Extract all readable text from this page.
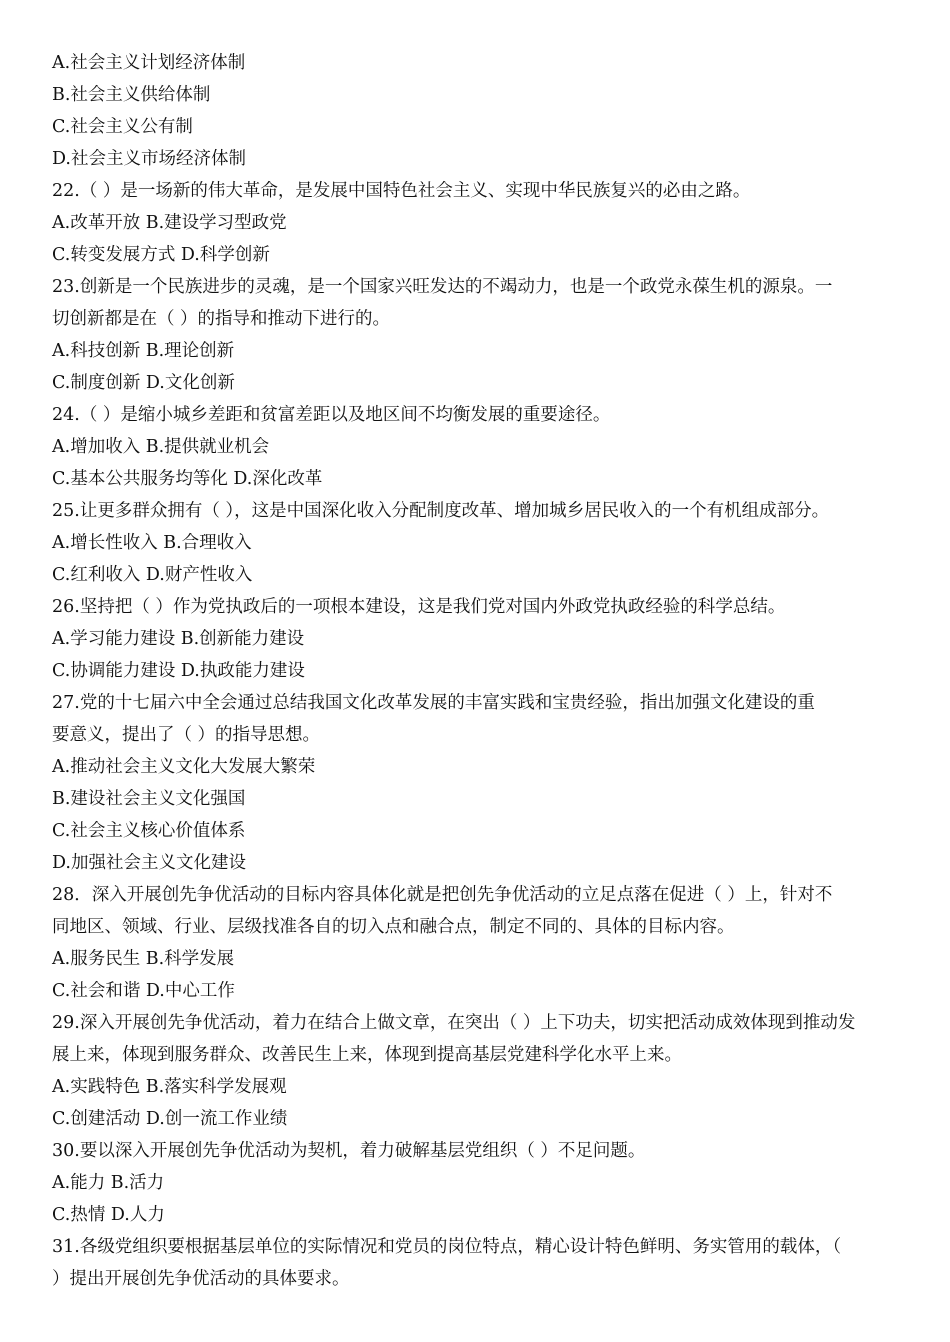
A.社会主义计划经济体制
B.社会主义供给体制
C.社会主义公有制
D.社会主义市场经济体制
22.（ ）是一场新的伟大革命，是发展中国特色社会主义、实现中华民族复兴的必由之路。
A.改革开放 B.建设学习型政党
C.转变发展方式 D.科学创新
23.创新是一个民族进步的灵魂，是一个国家兴旺发达的不竭动力，也是一个政党永葆生机的源泉。一
切创新都是在（ ）的指导和推动下进行的。
A.科技创新 B.理论创新
C.制度创新 D.文化创新
24.（ ）是缩小城乡差距和贫富差距以及地区间不均衡发展的重要途径。
A.增加收入 B.提供就业机会
C.基本公共服务均等化 D.深化改革
25.让更多群众拥有（ ），这是中国深化收入分配制度改革、增加城乡居民收入的一个有机组成部分。
A.增长性收入 B.合理收入
C.红利收入 D.财产性收入
26.坚持把（ ）作为党执政后的一项根本建设，这是我们党对国内外政党执政经验的科学总结。
A.学习能力建设 B.创新能力建设
C.协调能力建设 D.执政能力建设
27.党的十七届六中全会通过总结我国文化改革发展的丰富实践和宝贵经验，指出加强文化建设的重
要意义，提出了（ ）的指导思想。
A.推动社会主义文化大发展大繁荣
B.建设社会主义文化强国
C.社会主义核心价值体系
D.加强社会主义文化建设
28．深入开展创先争优活动的目标内容具体化就是把创先争优活动的立足点落在促进（ ）上，针对不
同地区、领域、行业、层级找准各自的切入点和融合点，制定不同的、具体的目标内容。
A.服务民生 B.科学发展
C.社会和谐 D.中心工作
29.深入开展创先争优活动，着力在结合上做文章，在突出（ ）上下功夫，切实把活动成效体现到推动发
展上来，体现到服务群众、改善民生上来，体现到提高基层党建科学化水平上来。
A.实践特色 B.落实科学发展观
C.创建活动 D.创一流工作业绩
30.要以深入开展创先争优活动为契机，着力破解基层党组织（ ）不足问题。
A.能力 B.活力
C.热情 D.人力
31.各级党组织要根据基层单位的实际情况和党员的岗位特点，精心设计特色鲜明、务实管用的载体，（
）提出开展创先争优活动的具体要求。
